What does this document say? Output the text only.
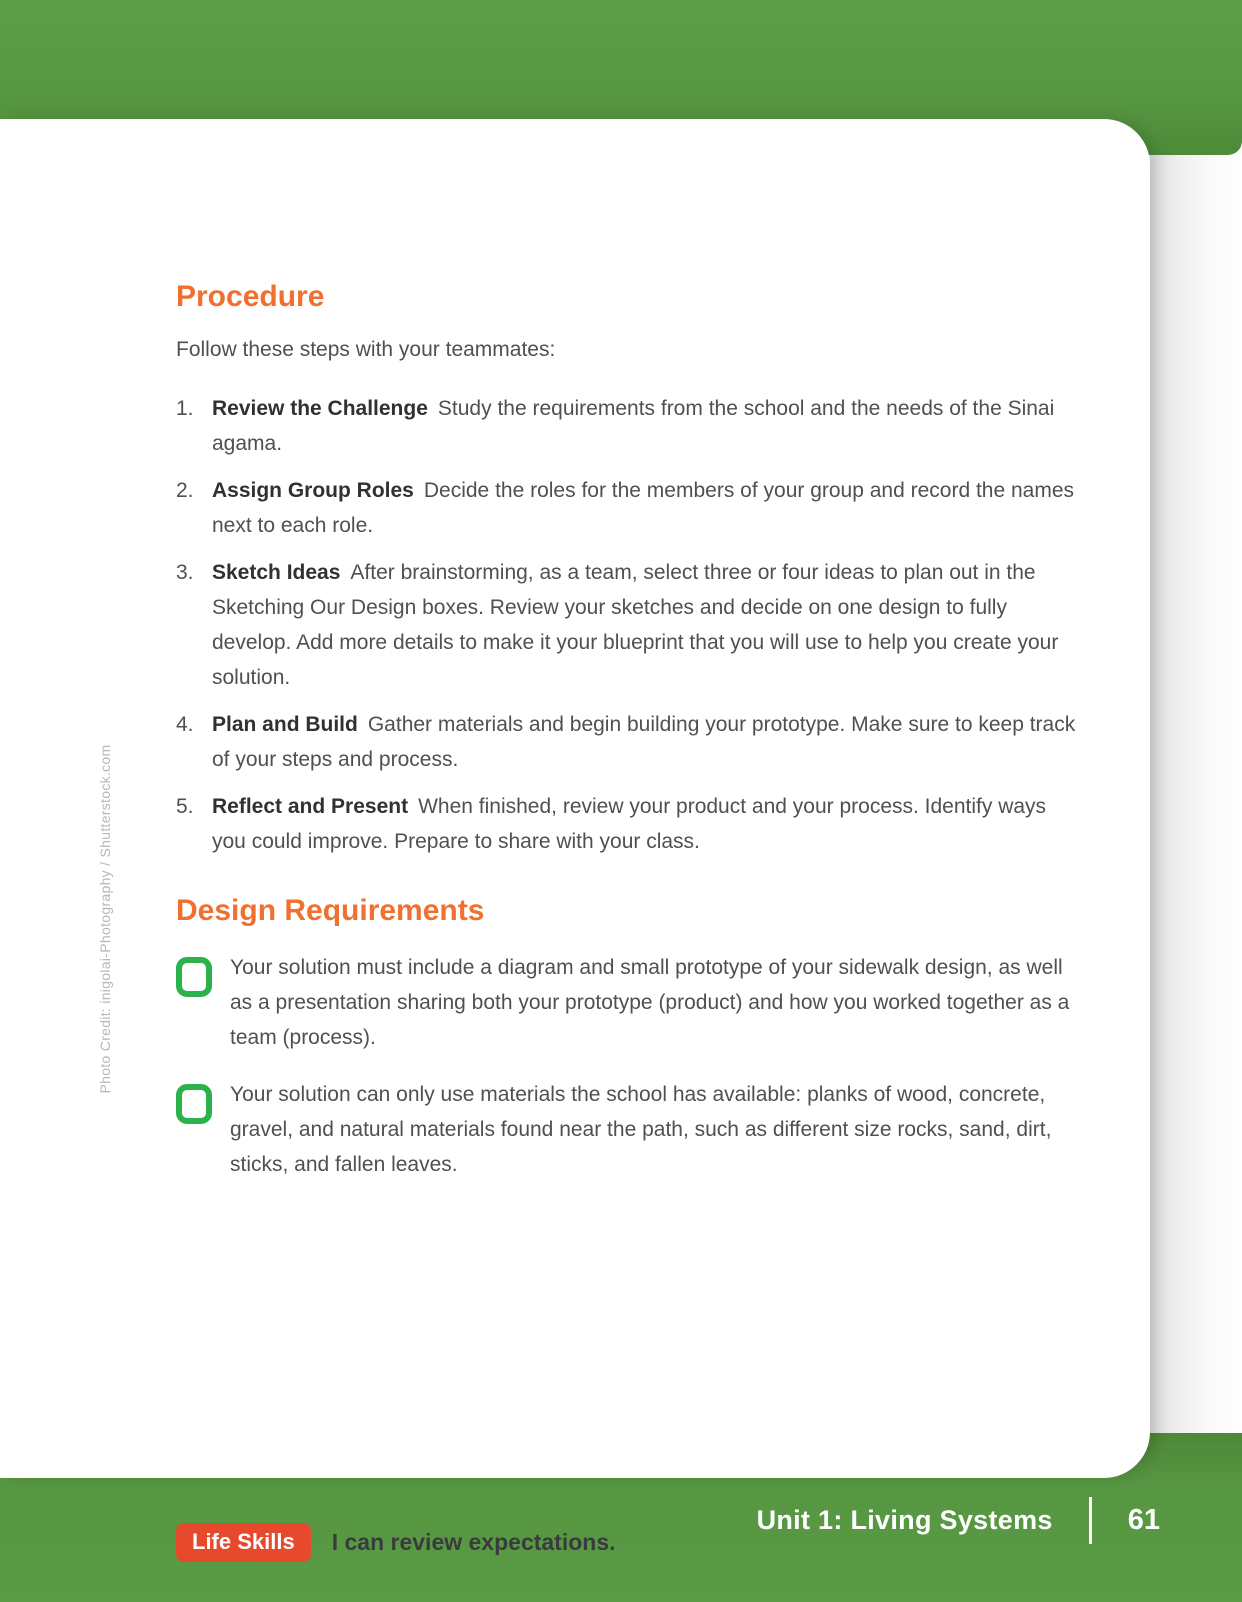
Unit 1: Living Systems	61
Photo Credit: inigolai-Photography / Shutterstock.com
Procedure

Follow these steps with your teammates:

1. Review the Challenge Study the requirements from the school and the needs of the Sinai agama.
2. Assign Group Roles Decide the roles for the members of your group and record the names next to each role.
3. Sketch Ideas After brainstorming, as a team, select three or four ideas to plan out in the Sketching Our Design boxes. Review your sketches and decide on one design to fully develop. Add more details to make it your blueprint that you will use to help you create your solution.
4. Plan and Build Gather materials and begin building your prototype. Make sure to keep track of your steps and process.
5. Reflect and Present When finished, review your product and your process. Identify ways you could improve. Prepare to share with your class.
Design Requirements
Your solution must include a diagram and small prototype of your sidewalk design, as well as a presentation sharing both your prototype (product) and how you worked together as a team (process).
Your solution can only use materials the school has available: planks of wood, concrete, gravel, and natural materials found near the path, such as different size rocks, sand, dirt, sticks, and fallen leaves.
Life Skills	I can review expectations.
